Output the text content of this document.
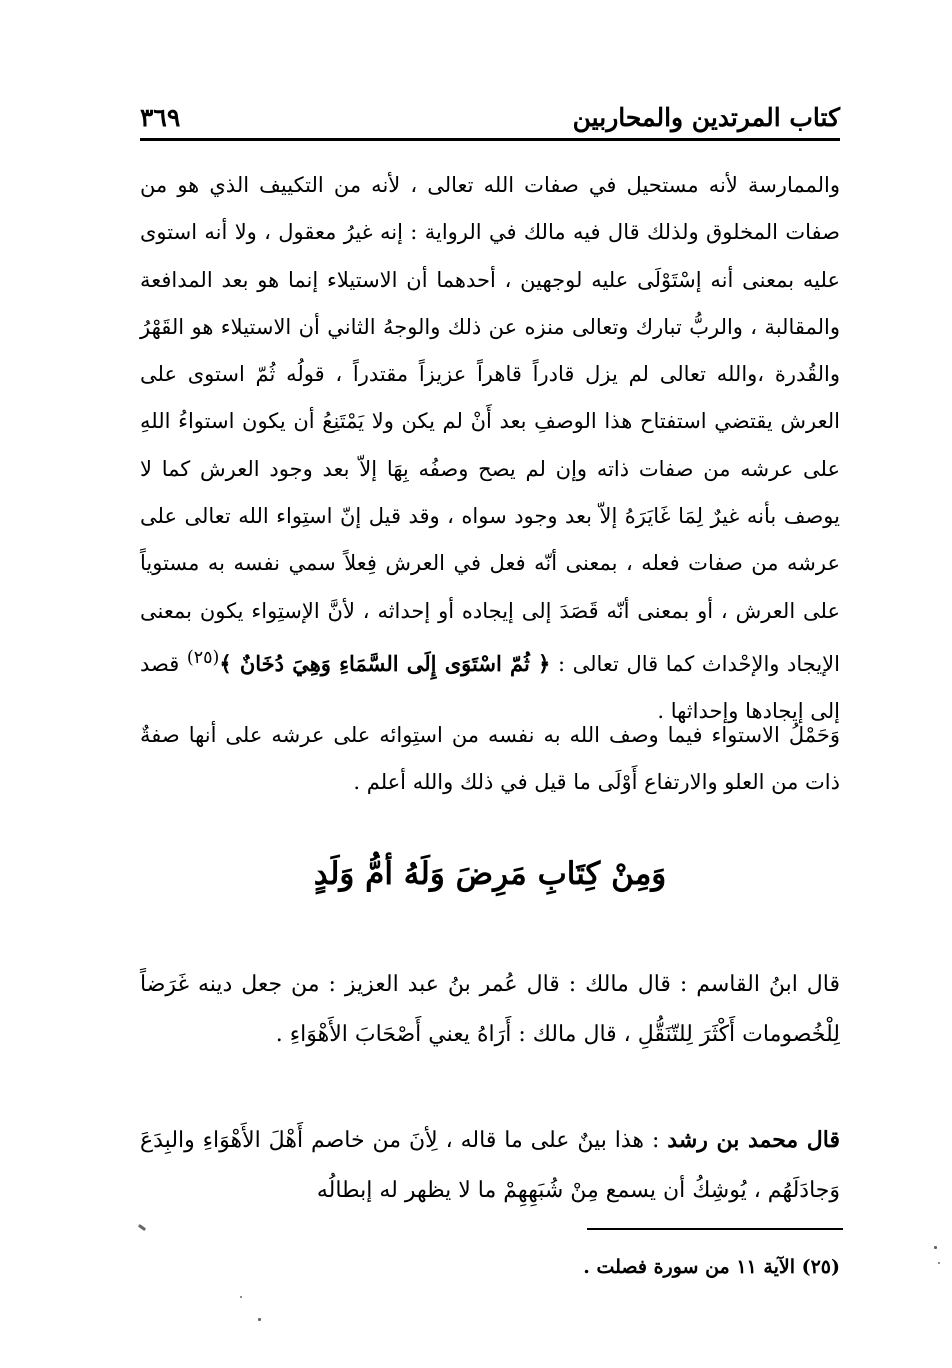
كتاب المرتدين والمحاربين
٣٦٩
والممارسة لأنه مستحيل في صفات الله تعالى ، لأنه من التكييف الذي هو من صفات المخلوق ولذلك قال فيه مالك في الرواية : إنه غيرُ معقول ، ولا أنه استوى عليه بمعنى أنه إسْتَوْلَى عليه لوجهين ، أحدهما أن الاستيلاء إنما هو بعد المدافعة والمقالبة ، والربُّ تبارك وتعالى منزه عن ذلك والوجهُ الثاني أن الاستيلاء هو القَهْرُ والقُدرة ،والله تعالى لم يزل قادراً قاهراً عزيزاً مقتدراً ، قولُه ثُمّ استوى على العرش يقتضي استفتاح هذا الوصفِ بعد أَنْ لم يكن ولا يَمْتَنِعُ أن يكون استواءُ اللهِ على عرشه من صفات ذاته وإن لم يصح وصفُه بِهَا إلاّ بعد وجود العرش كما لا يوصف بأنه غيرٌ لِمَا غَايَرَهُ إلاّ بعد وجود سواه ، وقد قيل إنّ استِواء الله تعالى على عرشه من صفات فعله ، بمعنى أنّه فعل في العرش فِعلاً سمي نفسه به مستوياً على العرش ، أو بمعنى أنّه قَصَدَ إلى إيجاده أو إحداثه ، لأنَّ الإستِواء يكون بمعنى الإيجاد والإحْداث كما قال تعالى : ﴿ ثُمّ اسْتَوَى إِلَى السَّمَاءِ وَهِيَ دُخَانٌ ﴾$^{(٢٥)}$ قصد إلى إيجادها وإحداثها .
وَحَمْلُ الاستواء فيما وصف الله به نفسه من استِوائه على عرشه على أنها صفةٌ ذات من العلو والارتفاع أَوْلَى ما قيل في ذلك والله أعلم .
وَمِنْ كِتَابِ مَرِضَ وَلَهُ أمُّ وَلَدٍ
قال ابنُ القاسم : قال مالك : قال عُمر بنُ عبد العزيز : من جعل دينه غَرَضاً لِلْخُصومات أَكْثَرَ لِلتّنَقُّلِ ، قال مالك : أَرَاهُ يعني أَصْحَابَ الأَهْوَاءِ .
قال محمد بن رشد : هذا بينٌ على ما قاله ، لِأنَ من خاصم أَهْلَ الأَهْوَاءِ والبِدَعَ وَجادَلَهُم ، يُوشِكُ أن يسمع مِنْ شُبَهِهِمْ ما لا يظهر له إبطالُه
(٢٥) الآية ١١ من سورة فصلت .
